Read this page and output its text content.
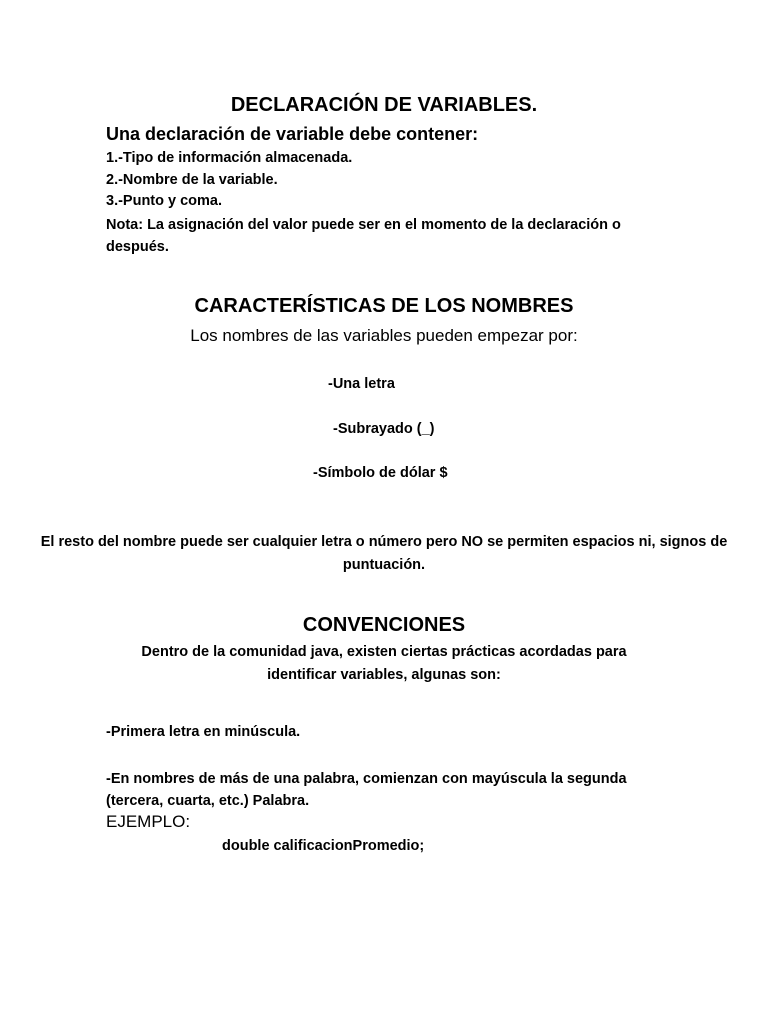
DECLARACIÓN DE VARIABLES.
Una declaración de variable debe contener:
1.-Tipo de información almacenada.
2.-Nombre de la variable.
3.-Punto y coma.
Nota: La asignación del valor puede ser en el momento de la declaración o después.
CARACTERÍSTICAS DE LOS NOMBRES
Los nombres de las variables pueden empezar por:
-Una letra
-Subrayado (_)
-Símbolo de dólar $
El resto del nombre puede ser cualquier letra o número pero NO se permiten espacios ni, signos de puntuación.
CONVENCIONES
Dentro de la comunidad java, existen ciertas prácticas acordadas para identificar variables, algunas son:
-Primera letra en minúscula.
-En nombres de más de una palabra, comienzan con mayúscula la segunda (tercera, cuarta, etc.) Palabra.
EJEMPLO:
double calificacionPromedio;
